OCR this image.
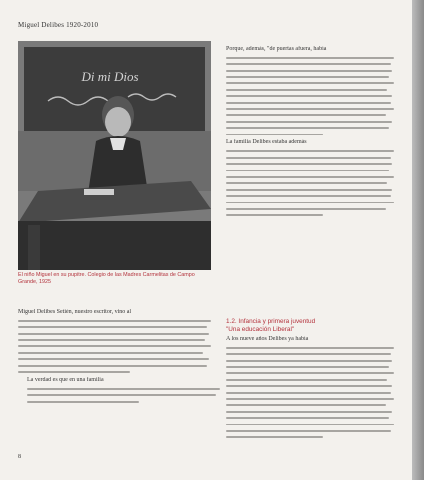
Miguel Delibes 1920-2010
Di mi Dios
El niño Miguel en su pupitre. Colegio de las Madres Carmelitas de Campo Grande, 1925
Porque, además, "de puertas afuera, había
La familia Delibes estaba además
Miguel Delibes Setién, nuestro escritor, vino al
La verdad es que en una familia
1.2. Infancia y primera juventud
"Una educación Liberal"
A los nueve años Delibes ya había
8
